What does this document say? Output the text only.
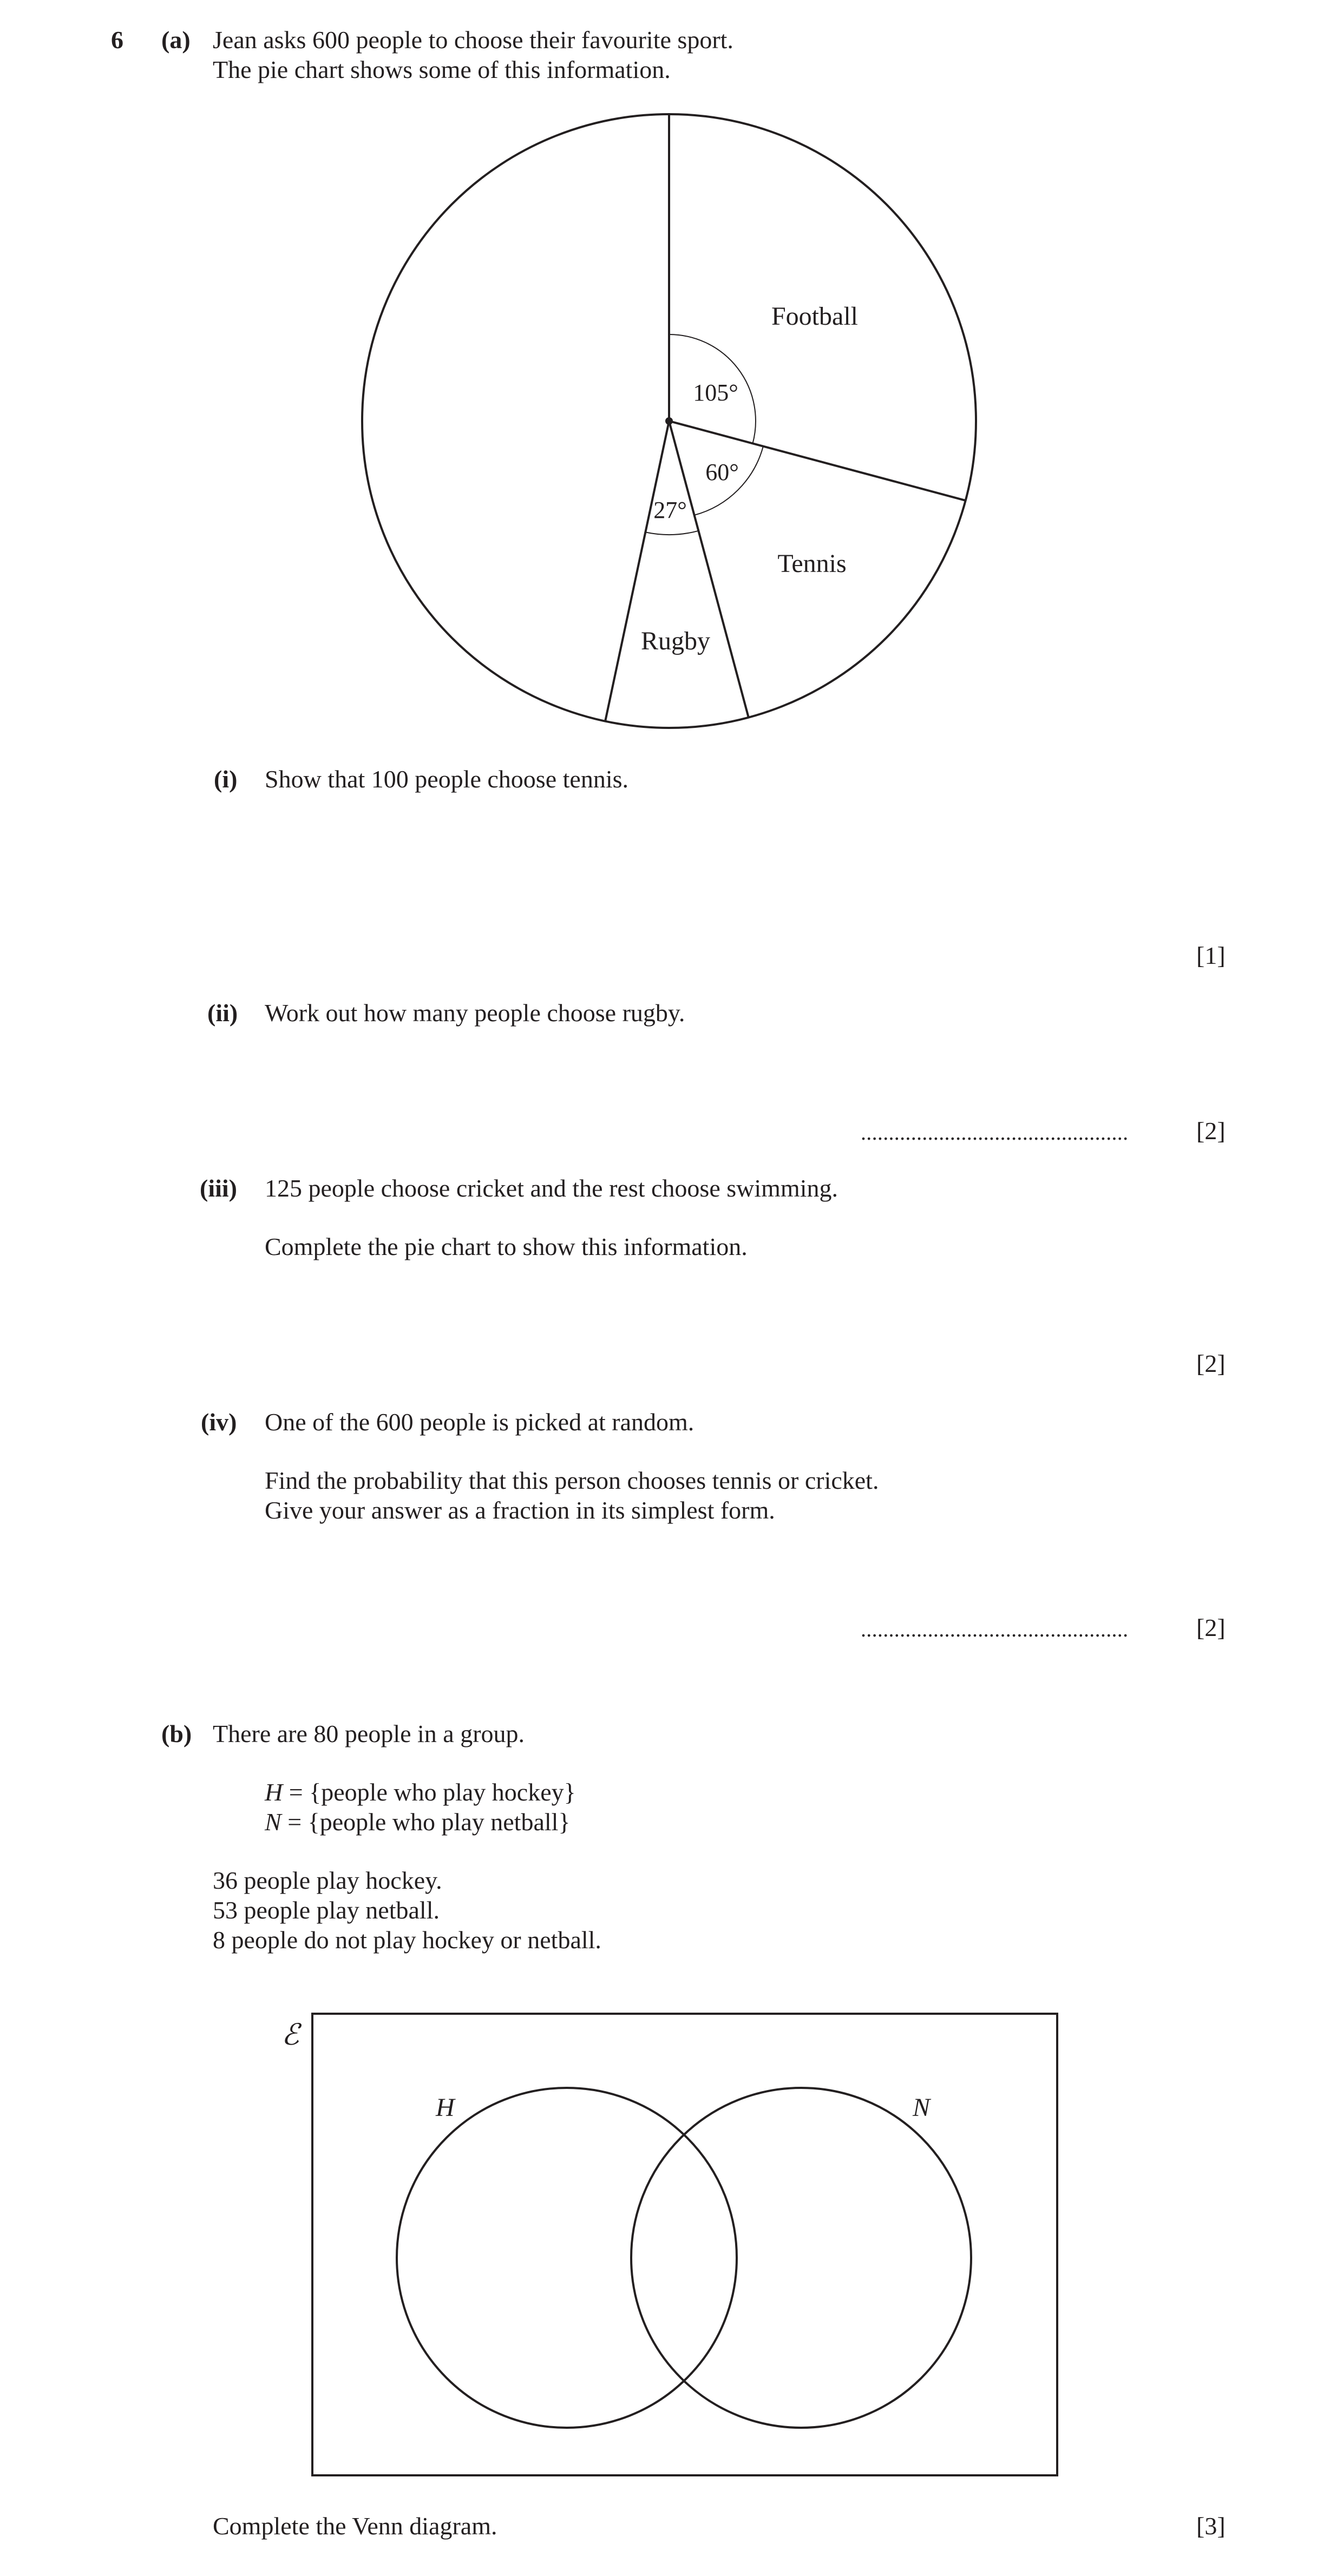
6 (a) Jean asks 600 people to choose their favourite sport.
The pie chart shows some of this information.
Football
Tennis
Rugby
105°
60°
27°
(i) Show that 100 people choose tennis.
[1]
(ii) Work out how many people choose rugby.
................................................	[2]
(iii) 125 people choose cricket and the rest choose swimming.
Complete the pie chart to show this information.
[2]
(iv) One of the 600 people is picked at random.
Find the probability that this person chooses tennis or cricket.
Give your answer as a fraction in its simplest form.
................................................	[2]
(b) There are 80 people in a group.
H = {people who play hockey}
N = {people who play netball}
36 people play hockey.
53 people play netball.
8 people do not play hockey or netball.
ℰ
H	N
Complete the Venn diagram.	[3]
